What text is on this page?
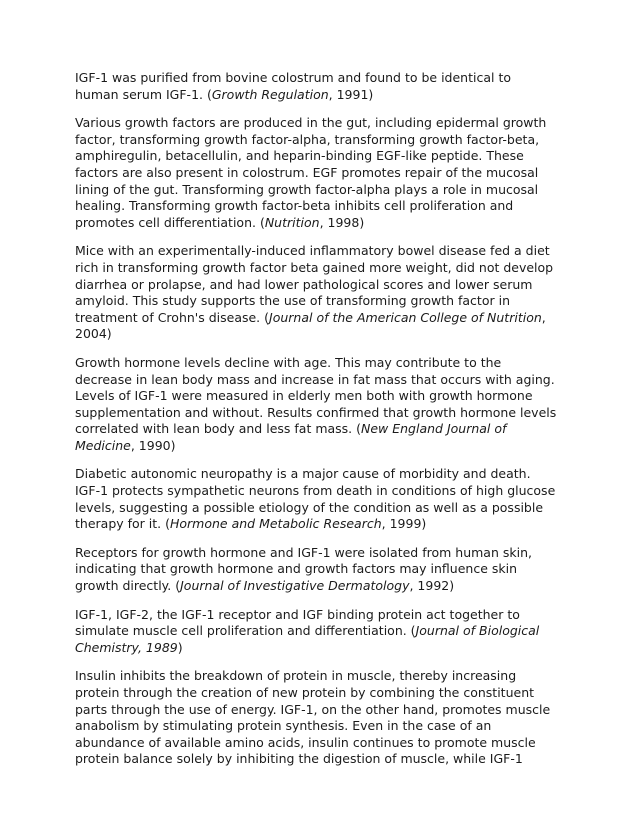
IGF-1 was purified from bovine colostrum and found to be identical to
human serum IGF-1. (Growth Regulation, 1991)

Various growth factors are produced in the gut, including epidermal growth
factor, transforming growth factor-alpha, transforming growth factor-beta,
amphiregulin, betacellulin, and heparin-binding EGF-like peptide. These
factors are also present in colostrum. EGF promotes repair of the mucosal
lining of the gut. Transforming growth factor-alpha plays a role in mucosal
healing. Transforming growth factor-beta inhibits cell proliferation and
promotes cell differentiation. (Nutrition, 1998)

Mice with an experimentally-induced inflammatory bowel disease fed a diet
rich in transforming growth factor beta gained more weight, did not develop
diarrhea or prolapse, and had lower pathological scores and lower serum
amyloid. This study supports the use of transforming growth factor in
treatment of Crohn's disease. (Journal of the American College of Nutrition,
2004)

Growth hormone levels decline with age. This may contribute to the
decrease in lean body mass and increase in fat mass that occurs with aging.
Levels of IGF-1 were measured in elderly men both with growth hormone
supplementation and without. Results confirmed that growth hormone levels
correlated with lean body and less fat mass. (New England Journal of
Medicine, 1990)

Diabetic autonomic neuropathy is a major cause of morbidity and death.
IGF-1 protects sympathetic neurons from death in conditions of high glucose
levels, suggesting a possible etiology of the condition as well as a possible
therapy for it. (Hormone and Metabolic Research, 1999)

Receptors for growth hormone and IGF-1 were isolated from human skin,
indicating that growth hormone and growth factors may influence skin
growth directly. (Journal of Investigative Dermatology, 1992)

IGF-1, IGF-2, the IGF-1 receptor and IGF binding protein act together to
simulate muscle cell proliferation and differentiation. (Journal of Biological
Chemistry, 1989)

Insulin inhibits the breakdown of protein in muscle, thereby increasing
protein through the creation of new protein by combining the constituent
parts through the use of energy. IGF-1, on the other hand, promotes muscle
anabolism by stimulating protein synthesis. Even in the case of an
abundance of available amino acids, insulin continues to promote muscle
protein balance solely by inhibiting the digestion of muscle, while IGF-1
